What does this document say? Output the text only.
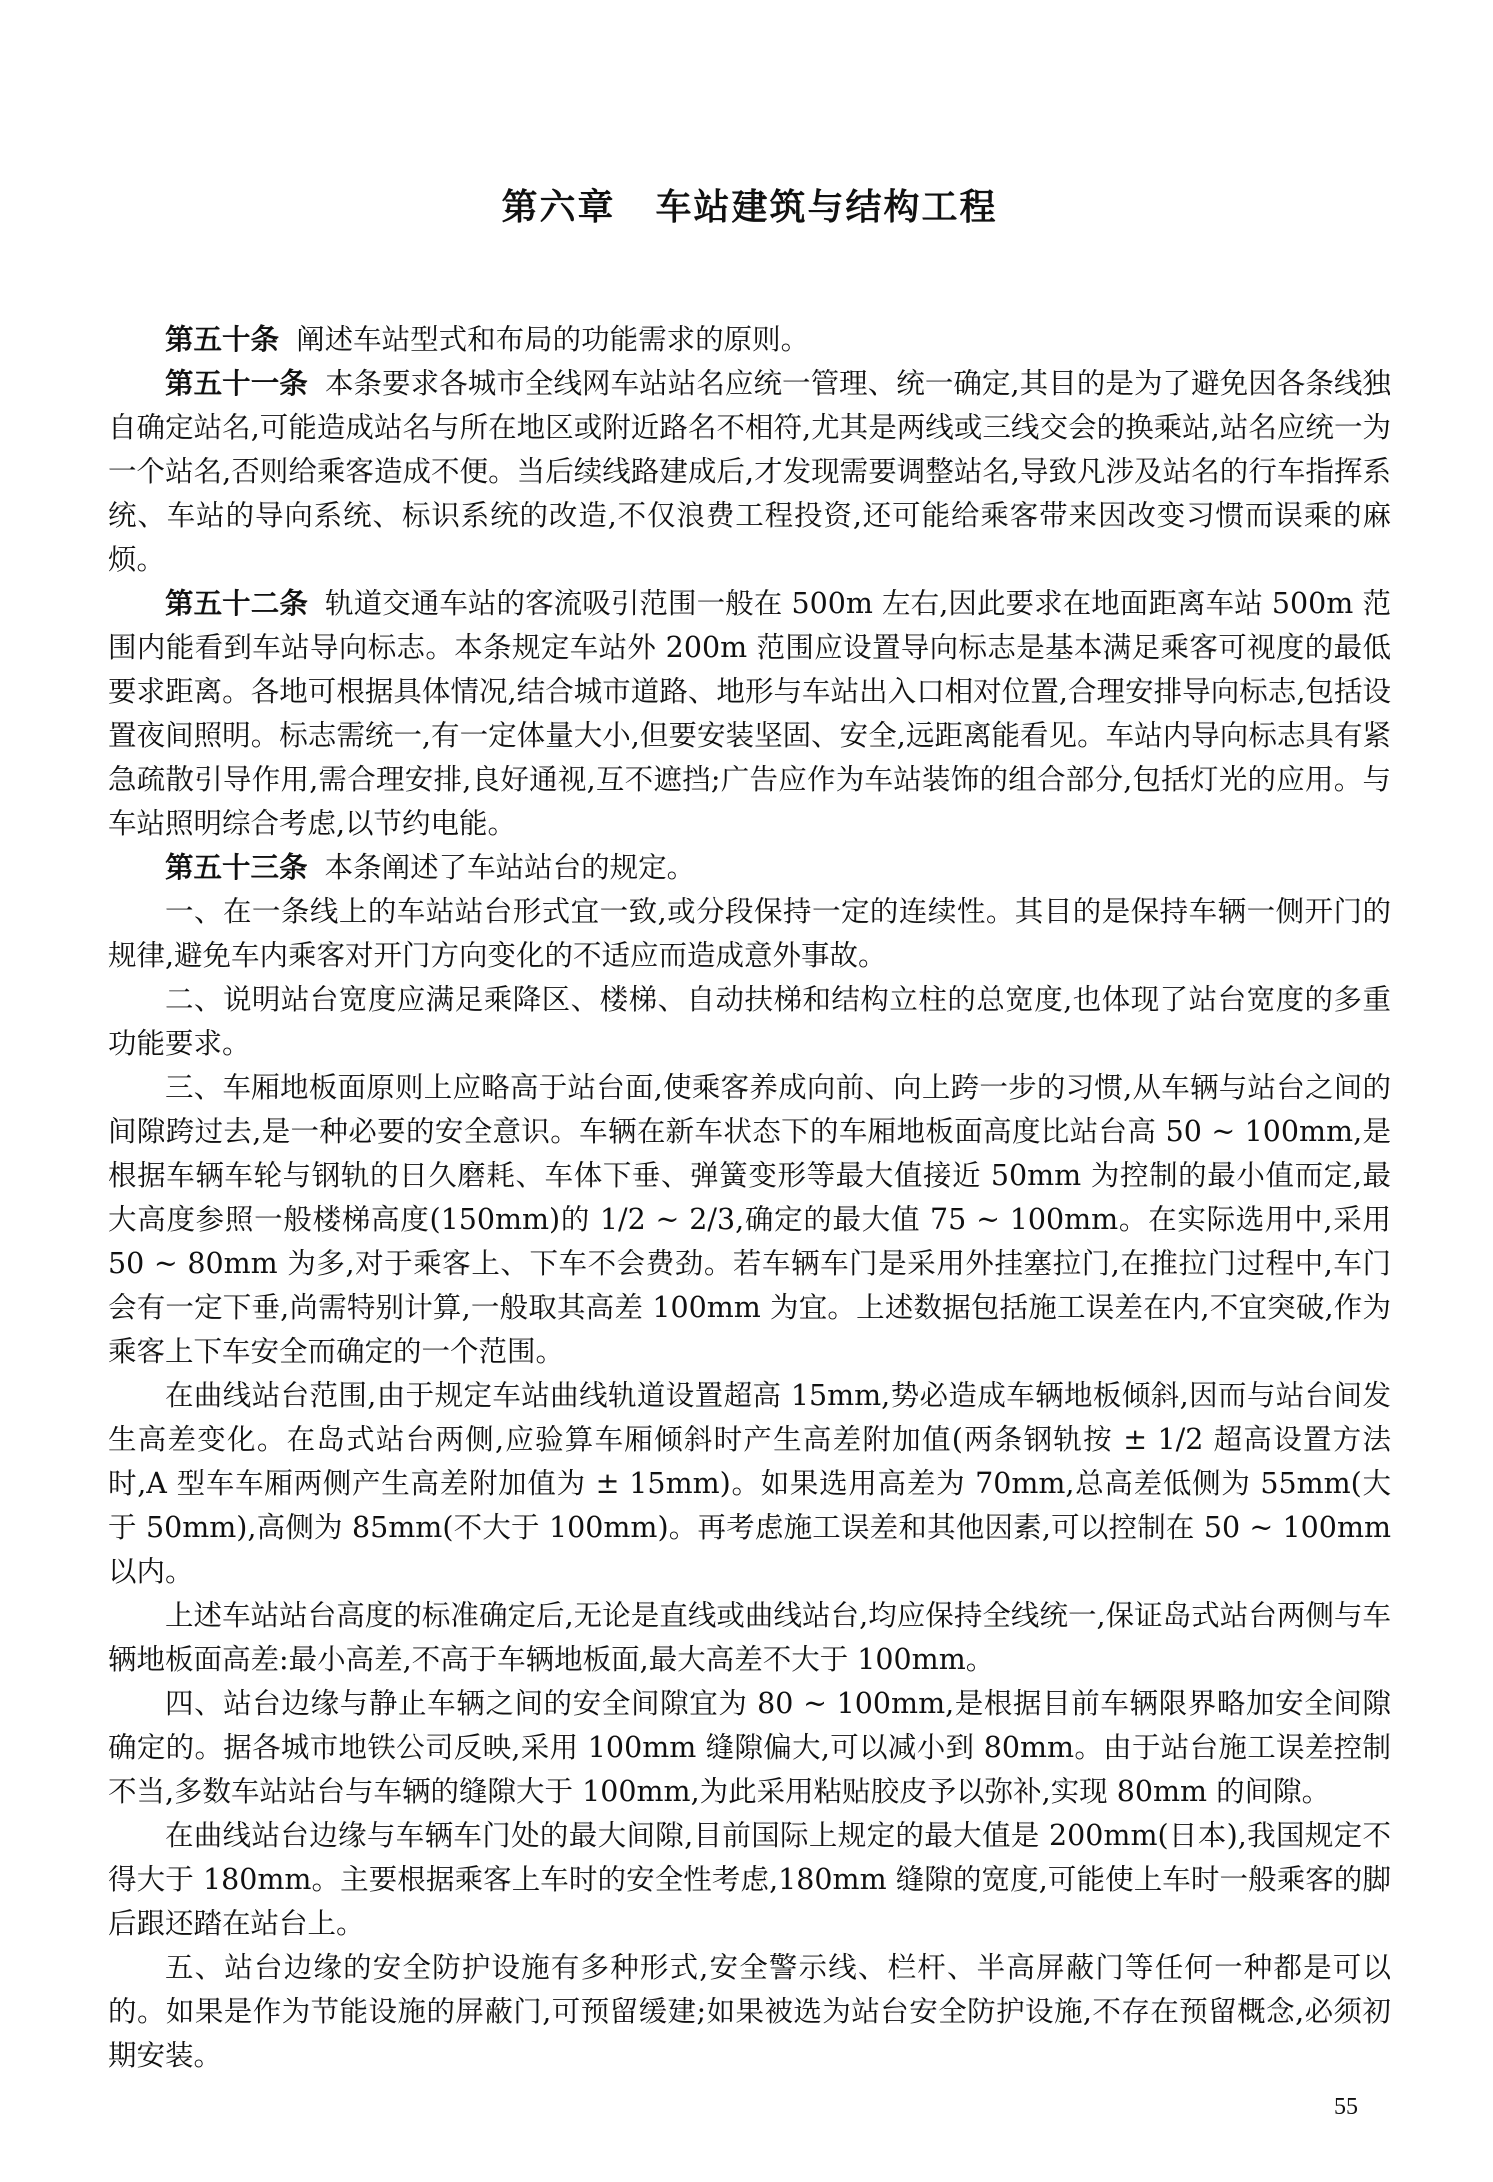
第六章 车站建筑与结构工程

第五十条 阐述车站型式和布局的功能需求的原则。

第五十一条 本条要求各城市全线网车站站名应统一管理、统一确定,其目的是为了避免因各条线独自确定站名,可能造成站名与所在地区或附近路名不相符,尤其是两线或三线交会的换乘站,站名应统一为一个站名,否则给乘客造成不便。当后续线路建成后,才发现需要调整站名,导致凡涉及站名的行车指挥系统、车站的导向系统、标识系统的改造,不仅浪费工程投资,还可能给乘客带来因改变习惯而误乘的麻烦。

第五十二条 轨道交通车站的客流吸引范围一般在 500m 左右,因此要求在地面距离车站 500m 范围内能看到车站导向标志。本条规定车站外 200m 范围应设置导向标志是基本满足乘客可视度的最低要求距离。各地可根据具体情况,结合城市道路、地形与车站出入口相对位置,合理安排导向标志,包括设置夜间照明。标志需统一,有一定体量大小,但要安装坚固、安全,远距离能看见。车站内导向标志具有紧急疏散引导作用,需合理安排,良好通视,互不遮挡;广告应作为车站装饰的组合部分,包括灯光的应用。与车站照明综合考虑,以节约电能。

第五十三条 本条阐述了车站站台的规定。

一、在一条线上的车站站台形式宜一致,或分段保持一定的连续性。其目的是保持车辆一侧开门的规律,避免车内乘客对开门方向变化的不适应而造成意外事故。

二、说明站台宽度应满足乘降区、楼梯、自动扶梯和结构立柱的总宽度,也体现了站台宽度的多重功能要求。

三、车厢地板面原则上应略高于站台面,使乘客养成向前、向上跨一步的习惯,从车辆与站台之间的间隙跨过去,是一种必要的安全意识。车辆在新车状态下的车厢地板面高度比站台高 50 ~ 100mm,是根据车辆车轮与钢轨的日久磨耗、车体下垂、弹簧变形等最大值接近 50mm 为控制的最小值而定,最大高度参照一般楼梯高度(150mm)的 1/2 ~ 2/3,确定的最大值 75 ~ 100mm。在实际选用中,采用 50 ~ 80mm 为多,对于乘客上、下车不会费劲。若车辆车门是采用外挂塞拉门,在推拉门过程中,车门会有一定下垂,尚需特别计算,一般取其高差 100mm 为宜。上述数据包括施工误差在内,不宜突破,作为乘客上下车安全而确定的一个范围。

在曲线站台范围,由于规定车站曲线轨道设置超高 15mm,势必造成车辆地板倾斜,因而与站台间发生高差变化。在岛式站台两侧,应验算车厢倾斜时产生高差附加值(两条钢轨按 ± 1/2 超高设置方法时,A 型车车厢两侧产生高差附加值为 ± 15mm)。如果选用高差为 70mm,总高差低侧为 55mm(大于 50mm),高侧为 85mm(不大于 100mm)。再考虑施工误差和其他因素,可以控制在 50 ~ 100mm 以内。

上述车站站台高度的标准确定后,无论是直线或曲线站台,均应保持全线统一,保证岛式站台两侧与车辆地板面高差:最小高差,不高于车辆地板面,最大高差不大于 100mm。

四、站台边缘与静止车辆之间的安全间隙宜为 80 ~ 100mm,是根据目前车辆限界略加安全间隙确定的。据各城市地铁公司反映,采用 100mm 缝隙偏大,可以减小到 80mm。由于站台施工误差控制不当,多数车站站台与车辆的缝隙大于 100mm,为此采用粘贴胶皮予以弥补,实现 80mm 的间隙。

在曲线站台边缘与车辆车门处的最大间隙,目前国际上规定的最大值是 200mm(日本),我国规定不得大于 180mm。主要根据乘客上车时的安全性考虑,180mm 缝隙的宽度,可能使上车时一般乘客的脚后跟还踏在站台上。

五、站台边缘的安全防护设施有多种形式,安全警示线、栏杆、半高屏蔽门等任何一种都是可以的。如果是作为节能设施的屏蔽门,可预留缓建;如果被选为站台安全防护设施,不存在预留概念,必须初期安装。

55
